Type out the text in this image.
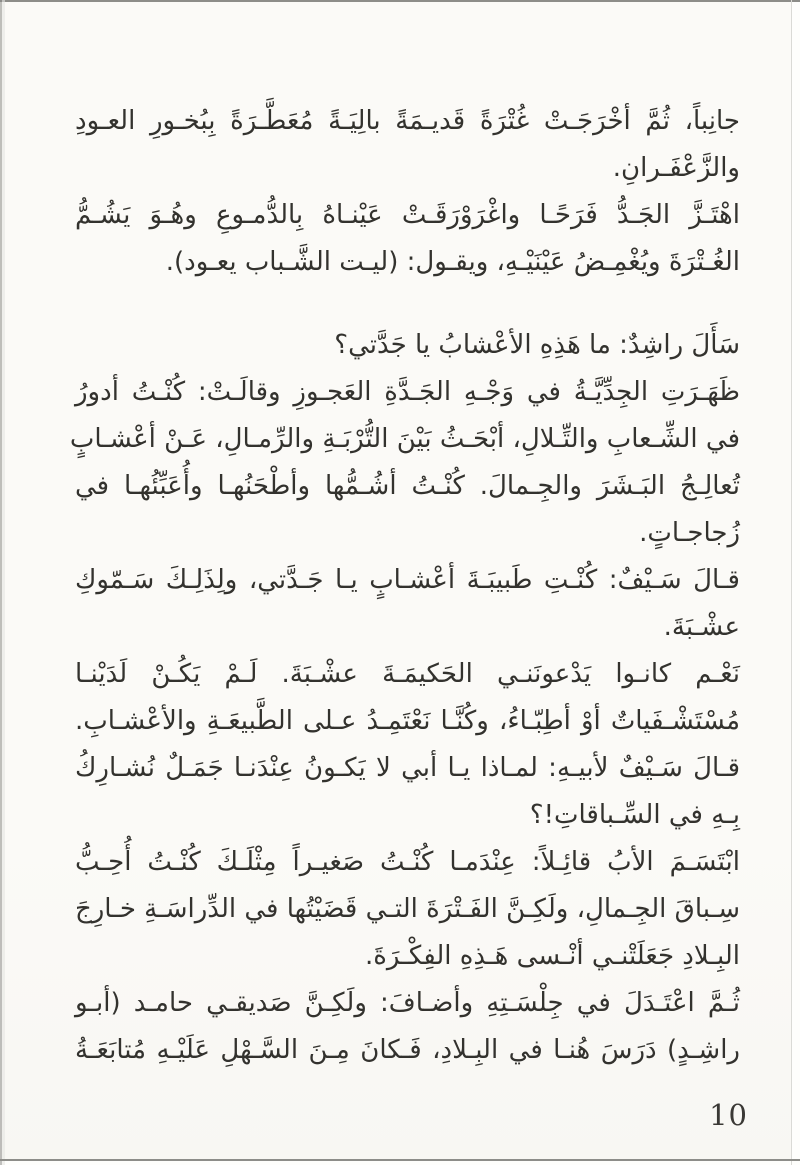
جانِباً، ثُمَّ أخْرَجَـتْ غُتْرَةً قَديـمَةً بالِيَـةً مُعَطَّـرَةً بِبُخـورِ العـودِ
والزَّعْفَـرانِ.
اهْتَـزَّ الجَـدُّ فَرَحًـا واغْرَوْرَقَـتْ عَيْنـاهُ بِالدُّمـوعِ وهُـوَ يَشُـمُّ
الغُـتْرَةَ ويُغْمِـضُ عَيْنَيْـهِ، ويقـول: (ليـت الشَّـباب يعـود).
سَأَلَ راشِدٌ: ما هَذِهِ الأعْشابُ يا جَدَّتي؟
ظَهَـرَتِ الجِدِّيَّـةُ في وَجْـهِ الجَـدَّةِ العَجـوزِ وقالَـتْ: كُنْـتُ أدورُ
في الشِّـعابِ والتِّـلالِ، أبْحَـثُ بَيْنَ التُّرْبَـةِ والرِّمـالِ، عَـنْ أعْشـابٍ
تُعالِـجُ البَـشَرَ والجِـمالَ. كُنْـتُ أشُـمُّها وأطْحَنُهـا وأُعَبِّئُهـا في
زُجاجـاتٍ.
قـالَ سَـيْفٌ: كُنْـتِ طَبيبَـةَ أعْشـابٍ يـا جَـدَّتي، ولِذَلِـكَ سَـمّوكِ
عشْـبَةَ.
نَعْـم كانـوا يَدْعونَنـي الحَكيمَـةَ عشْـبَةَ. لَـمْ يَكُـنْ لَدَيْنـا
مُسْتَشْـفَياتٌ أوْ أطِبّـاءُ، وكُنَّـا نَعْتَمِـدُ عـلى الطَّبيعَـةِ والأعْشـابِ.
قـالَ سَـيْفٌ لأبيـهِ: لمـاذا يـا أبي لا يَكـونُ عِنْدَنـا جَمَـلٌ نُشـارِكُ
بِـهِ في السِّـباقاتِ!؟
ابْتَسَـمَ الأبُ قائِـلاً: عِنْدَمـا كُنْـتُ صَغيـراً مِثْلَـكَ كُنْـتُ أُحِـبُّ
سِـباقَ الجِـمالِ، ولَكِـنَّ الفَـتْرَةَ التـي قَضَيْتُها في الدِّراسَـةِ خـارِجَ
البِـلادِ جَعَلَتْنـي أنْـسى هَـذِهِ الفِكْـرَةَ.
ثُـمَّ اعْتَـدَلَ في جِلْسَـتِهِ وأضـافَ: ولَكِـنَّ صَديقـي حامـد (أبـو
راشِـدٍ) دَرَسَ هُنـا في البِـلادِ، فَـكانَ مِـنَ السَّـهْلِ عَلَيْـهِ مُتابَعَـةُ
10
